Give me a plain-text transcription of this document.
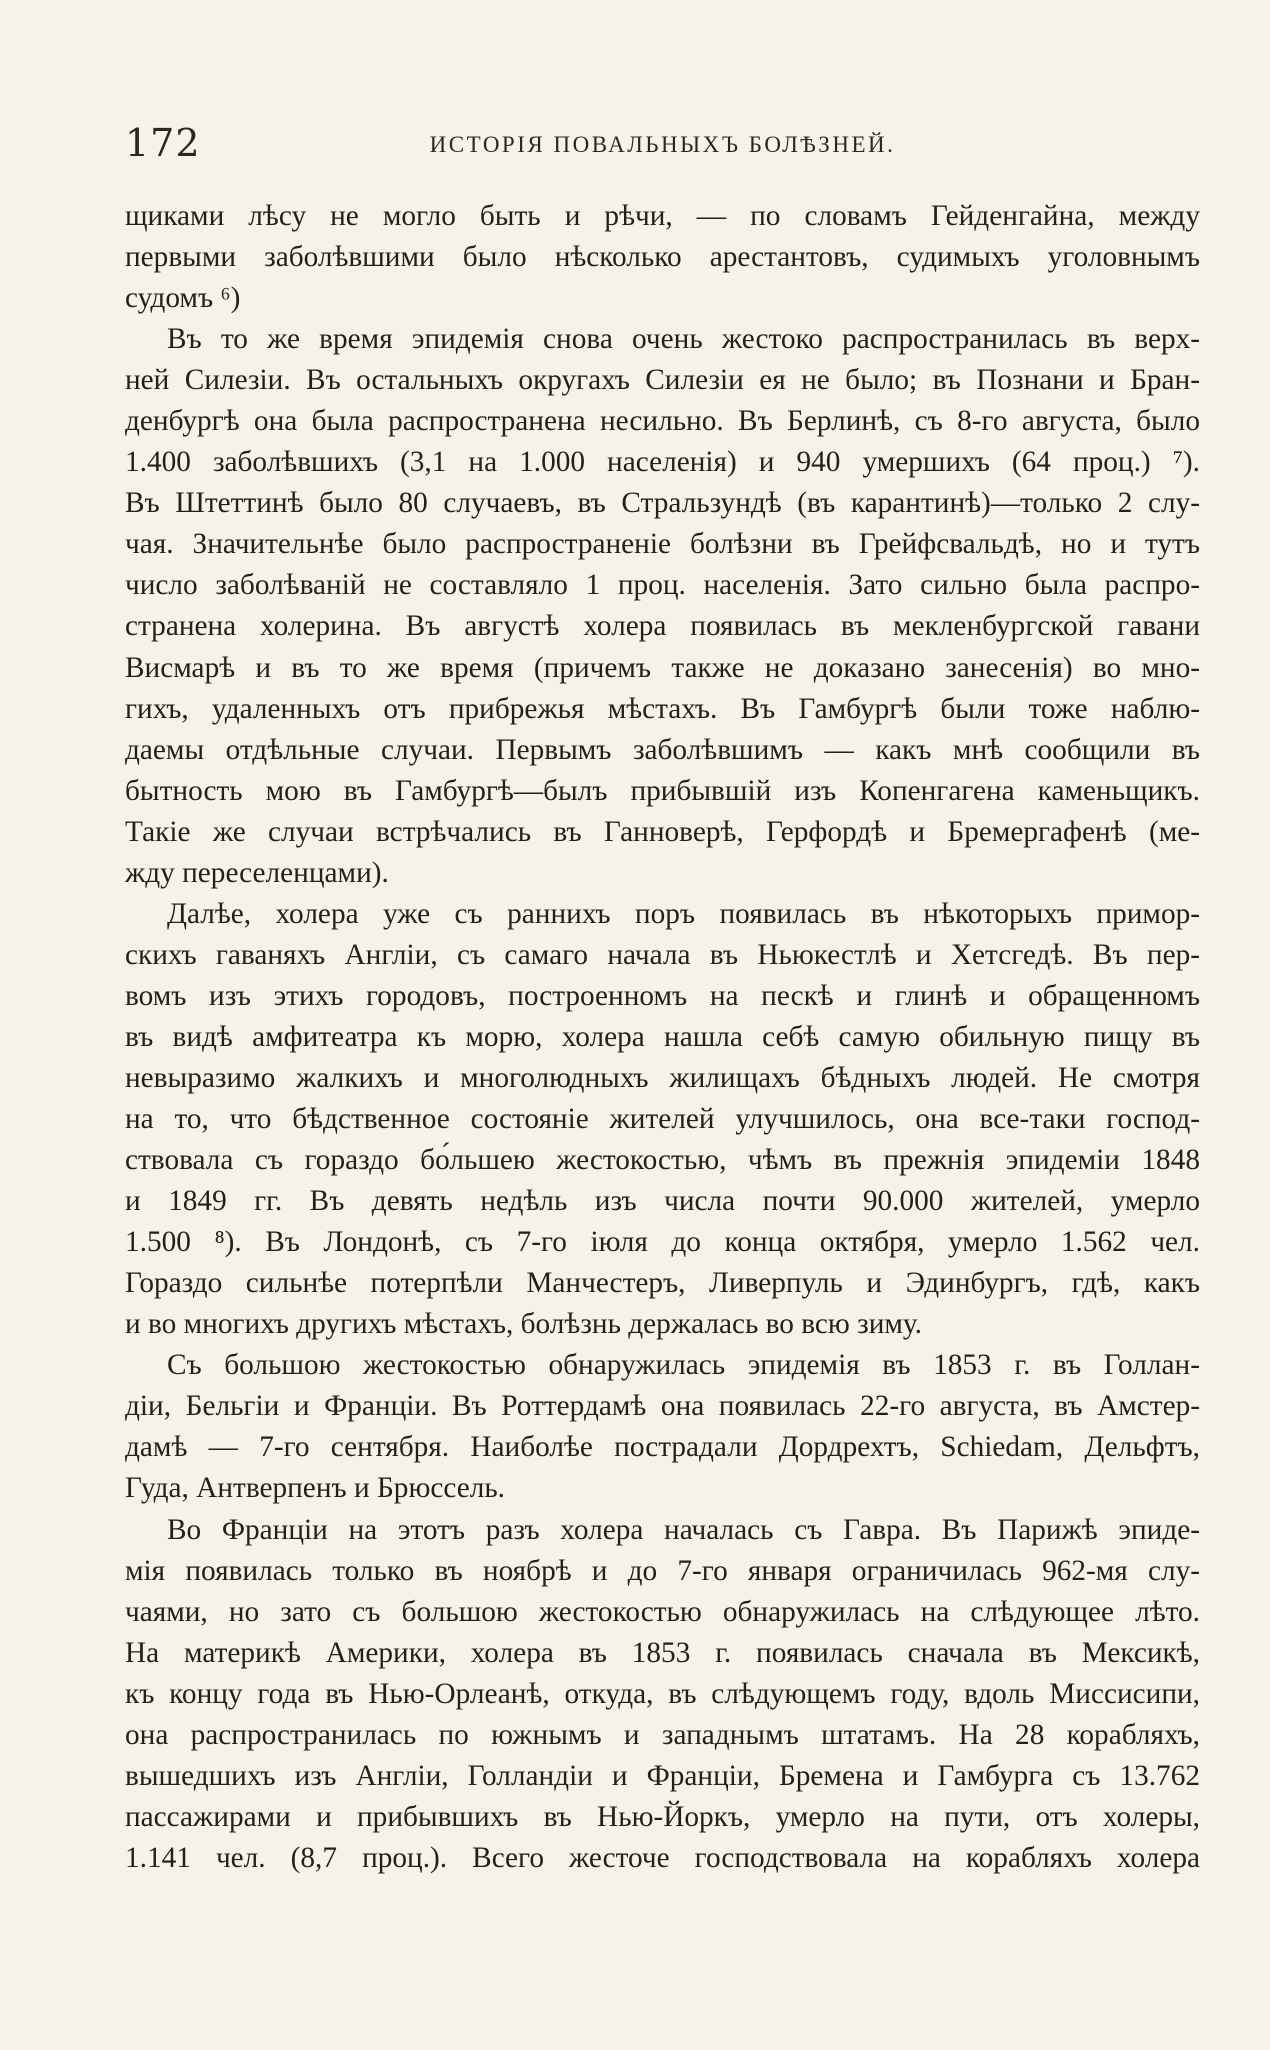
172	ИСТОРІЯ ПОВАЛЬНЫХЪ БОЛѢЗНЕЙ.

щиками лѣсу не могло быть и рѣчи, — по словамъ Гейденгайна, между

первыми заболѣвшими было нѣсколько арестантовъ, судимыхъ уголовнымъ

судомъ ⁶)

Въ то же время эпидемія снова очень жестоко распространилась въ верх-

ней Силезіи. Въ остальныхъ округахъ Силезіи ея не было; въ Познани и Бран-

денбургѣ она была распространена несильно. Въ Берлинѣ, съ 8-го августа, было

1.400 заболѣвшихъ (3,1 на 1.000 населенія) и 940 умершихъ (64 проц.) ⁷).

Въ Штеттинѣ было 80 случаевъ, въ Стральзундѣ (въ карантинѣ)—только 2 слу-

чая. Значительнѣе было распространеніе болѣзни въ Грейфсвальдѣ, но и тутъ

число заболѣваній не составляло 1 проц. населенія. Зато сильно была распро-

странена холерина. Въ августѣ холера появилась въ мекленбургской гавани

Висмарѣ и въ то же время (причемъ также не доказано занесенія) во мно-

гихъ, удаленныхъ отъ прибрежья мѣстахъ. Въ Гамбургѣ были тоже наблю-

даемы отдѣльные случаи. Первымъ заболѣвшимъ — какъ мнѣ сообщили въ

бытность мою въ Гамбургѣ—былъ прибывшій изъ Копенгагена каменьщикъ.

Такіе же случаи встрѣчались въ Ганноверѣ, Герфордѣ и Бремергафенѣ (ме-

жду переселенцами).

Далѣе, холера уже съ раннихъ поръ появилась въ нѣкоторыхъ примор-

скихъ гаваняхъ Англіи, съ самаго начала въ Ньюкестлѣ и Хетсгедѣ. Въ пер-

вомъ изъ этихъ городовъ, построенномъ на пескѣ и глинѣ и обращенномъ

въ видѣ амфитеатра къ морю, холера нашла себѣ самую обильную пищу въ

невыразимо жалкихъ и многолюдныхъ жилищахъ бѣдныхъ людей. Не смотря

на то, что бѣдственное состояніе жителей улучшилось, она все-таки господ-

ствовала съ гораздо бо́льшею жестокостью, чѣмъ въ прежнія эпидеміи 1848

и 1849 гг. Въ девять недѣль изъ числа почти 90.000 жителей, умерло

1.500 ⁸). Въ Лондонѣ, съ 7-го іюля до конца октября, умерло 1.562 чел.

Гораздо сильнѣе потерпѣли Манчестеръ, Ливерпуль и Эдинбургъ, гдѣ, какъ

и во многихъ другихъ мѣстахъ, болѣзнь держалась во всю зиму.

Съ большою жестокостью обнаружилась эпидемія въ 1853 г. въ Голлан-

діи, Бельгіи и Франціи. Въ Роттердамѣ она появилась 22-го августа, въ Амстер-

дамѣ — 7-го сентября. Наиболѣе пострадали Дордрехтъ, Schiedam, Дельфтъ,

Гуда, Антверпенъ и Брюссель.

Во Франціи на этотъ разъ холера началась съ Гавра. Въ Парижѣ эпиде-

мія появилась только въ ноябрѣ и до 7-го января ограничилась 962-мя слу-

чаями, но зато съ большою жестокостью обнаружилась на слѣдующее лѣто.

На материкѣ Америки, холера въ 1853 г. появилась сначала въ Мексикѣ,

къ концу года въ Нью-Орлеанѣ, откуда, въ слѣдующемъ году, вдоль Миссисипи,

она распространилась по южнымъ и западнымъ штатамъ. На 28 корабляхъ,

вышедшихъ изъ Англіи, Голландіи и Франціи, Бремена и Гамбурга съ 13.762

пассажирами и прибывшихъ въ Нью-Йоркъ, умерло на пути, отъ холеры,

1.141 чел. (8,7 проц.). Всего жесточе господствовала на корабляхъ холера
